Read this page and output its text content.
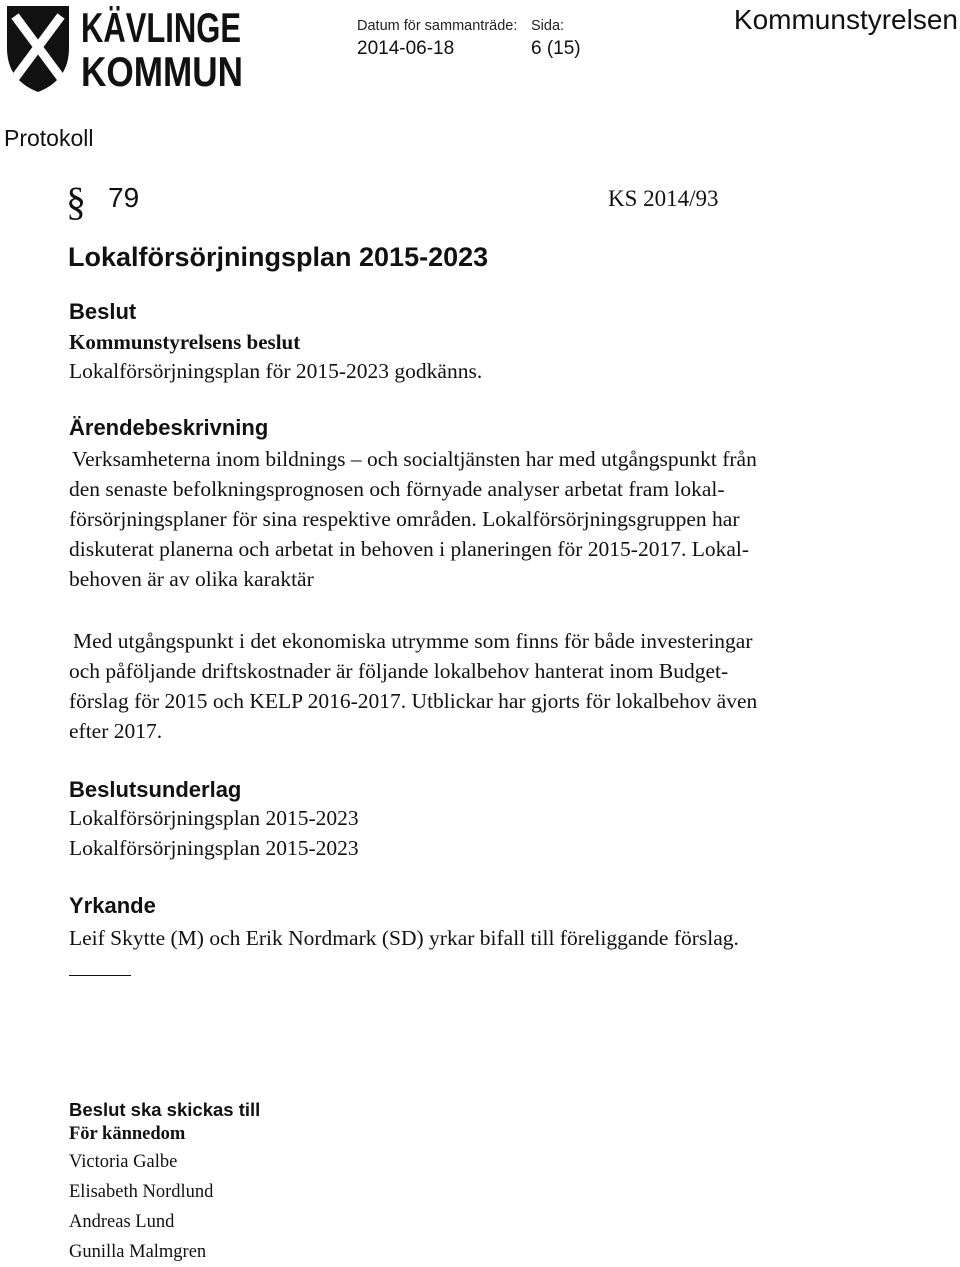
KÄVLINGE
KOMMUN
Datum för sammanträde:
2014-06-18
Sida:
6 (15)
Kommunstyrelsen
Protokoll
§ 79	KS 2014/93
Lokalförsörjningsplan 2015-2023
Beslut
Kommunstyrelsens beslut
Lokalförsörjningsplan för 2015-2023 godkänns.
Ärendebeskrivning

Verksamheterna inom bildnings – och socialtjänsten har med utgångspunkt från

den senaste befolkningsprognosen och förnyade analyser arbetat fram lokal-

försörjningsplaner för sina respektive områden. Lokalförsörjningsgruppen har

diskuterat planerna och arbetat in behoven i planeringen för 2015-2017. Lokal-

behoven är av olika karaktär

Med utgångspunkt i det ekonomiska utrymme som finns för både investeringar

och påföljande driftskostnader är följande lokalbehov hanterat inom Budget-

förslag för 2015 och KELP 2016-2017. Utblickar har gjorts för lokalbehov även

efter 2017.

Beslutsunderlag

Lokalförsörjningsplan 2015-2023

Lokalförsörjningsplan 2015-2023

Yrkande
Leif Skytte (M) och Erik Nordmark (SD) yrkar bifall till föreliggande förslag.
Beslut ska skickas till
För kännedom

Victoria Galbe

Elisabeth Nordlund

Andreas Lund

Gunilla Malmgren
